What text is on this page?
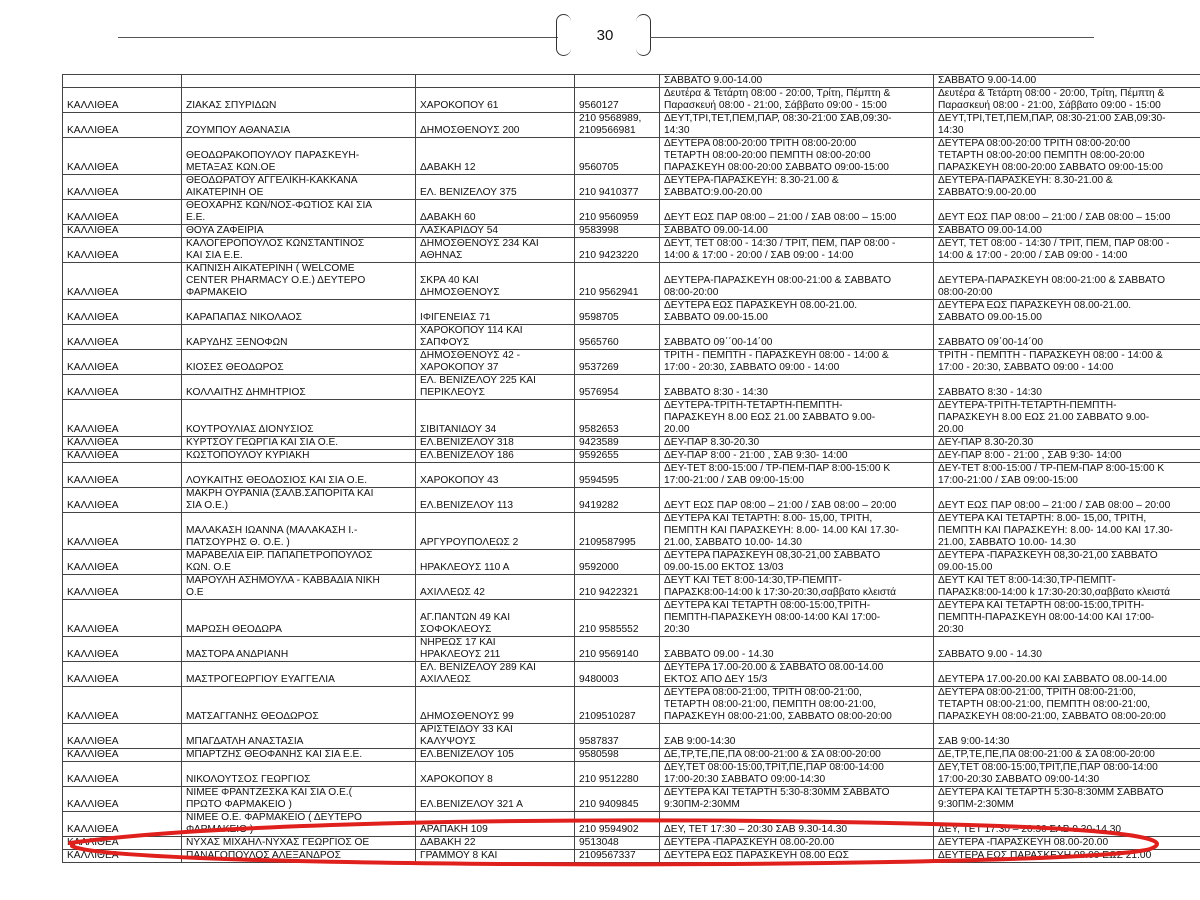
30
				ΣΑΒΒΑΤΟ 9.00-14.00	ΣΑΒΒΑΤΟ 9.00-14.00
ΚΑΛΛΙΘΕΑ	ΖΙΑΚΑΣ ΣΠΥΡΙΔΩΝ	ΧΑΡΟΚΟΠΟΥ 61	9560127	Δευτέρα & Τετάρτη 08:00 - 20:00, Τρίτη, Πέμπτη &
Παρασκευή 08:00 - 21:00, Σάββατο 09:00 - 15:00	Δευτέρα & Τετάρτη 08:00 - 20:00, Τρίτη, Πέμπτη &
Παρασκευή 08:00 - 21:00, Σάββατο 09:00 - 15:00
ΚΑΛΛΙΘΕΑ	ΖΟΥΜΠΟΥ ΑΘΑΝΑΣΙΑ	ΔΗΜΟΣΘΕΝΟΥΣ 200	210 9568989,
2109566981	ΔΕΥΤ,ΤΡΙ,ΤΕΤ,ΠΕΜ,ΠΑΡ, 08:30-21:00 ΣΑΒ,09:30-
14:30	ΔΕΥΤ,ΤΡΙ,ΤΕΤ,ΠΕΜ,ΠΑΡ, 08:30-21:00 ΣΑΒ,09:30-
14:30
ΚΑΛΛΙΘΕΑ	ΘΕΟΔΩΡΑΚΟΠΟΥΛΟΥ ΠΑΡΑΣΚΕΥΗ-
ΜΕΤΑΞΑΣ ΚΩΝ.ΟΕ	ΔΑΒΑΚΗ 12	9560705	ΔΕΥΤΕΡΑ 08:00-20:00 ΤΡΙΤΗ 08:00-20:00
ΤΕΤΑΡΤΗ 08:00-20:00 ΠΕΜΠΤΗ 08:00-20:00
ΠΑΡΑΣΚΕΥΗ 08:00-20:00 ΣΑΒΒΑΤΟ 09:00-15:00	ΔΕΥΤΕΡΑ 08:00-20:00 ΤΡΙΤΗ 08:00-20:00
ΤΕΤΑΡΤΗ 08:00-20:00 ΠΕΜΠΤΗ 08:00-20:00
ΠΑΡΑΣΚΕΥΗ 08:00-20:00 ΣΑΒΒΑΤΟ 09:00-15:00
ΚΑΛΛΙΘΕΑ	ΘΕΟΔΩΡΑΤΟΥ ΑΓΓΕΛΙΚΗ-ΚΑΚΚΑΝΑ
ΑΙΚΑΤΕΡΙΝΗ ΟΕ	ΕΛ. ΒΕΝΙΖΕΛΟΥ 375	210 9410377	ΔΕΥΤΕΡΑ-ΠΑΡΑΣΚΕΥΗ: 8.30-21.00 &
ΣΑΒΒΑΤΟ:9.00-20.00	ΔΕΥΤΕΡΑ-ΠΑΡΑΣΚΕΥΗ: 8.30-21.00 &
ΣΑΒΒΑΤΟ:9.00-20.00
ΚΑΛΛΙΘΕΑ	ΘΕΟΧΑΡΗΣ ΚΩΝ/ΝΟΣ-ΦΩΤΙΟΣ ΚΑΙ ΣΙΑ
Ε.Ε.	ΔΑΒΑΚΗ 60	210 9560959	ΔΕΥΤ ΕΩΣ ΠΑΡ 08:00 – 21:00 / ΣΑΒ 08:00 – 15:00	ΔΕΥΤ ΕΩΣ ΠΑΡ 08:00 – 21:00 / ΣΑΒ 08:00 – 15:00
ΚΑΛΛΙΘΕΑ	ΘΟΥΑ ΖΑΦΕΙΡΙΑ	ΛΑΣΚΑΡΙΔΟΥ 54	9583998	ΣΑΒΒΑΤΟ 09.00-14.00	ΣΑΒΒΑΤΟ 09.00-14.00
ΚΑΛΛΙΘΕΑ	ΚΑΛΟΓΕΡΟΠΟΥΛΟΣ ΚΩΝΣΤΑΝΤΙΝΟΣ
ΚΑΙ ΣΙΑ Ε.Ε.	ΔΗΜΟΣΘΕΝΟΥΣ 234 ΚΑΙ
ΑΘΗΝΑΣ	210 9423220	ΔΕΥΤ, ΤΕΤ 08:00 - 14:30 / ΤΡΙΤ, ΠΕΜ, ΠΑΡ 08:00 -
14:00 & 17:00 - 20:00 / ΣΑΒ 09:00 - 14:00	ΔΕΥΤ, ΤΕΤ 08:00 - 14:30 / ΤΡΙΤ, ΠΕΜ, ΠΑΡ 08:00 -
14:00 & 17:00 - 20:00 / ΣΑΒ 09:00 - 14:00
ΚΑΛΛΙΘΕΑ	ΚΑΠΝΙΣΗ ΑΙΚΑΤΕΡΙΝΗ ( WELCOME
CENTER PHARMACY O.E.) ΔΕΥΤΕΡΟ
ΦΑΡΜΑΚΕΙΟ	ΣΚΡΑ 40 ΚΑΙ
ΔΗΜΟΣΘΕΝΟΥΣ	210 9562941	ΔΕΥΤΕΡΑ-ΠΑΡΑΣΚΕΥΗ 08:00-21:00 & ΣΑΒΒΑΤΟ
08:00-20:00	ΔΕΥΤΕΡΑ-ΠΑΡΑΣΚΕΥΗ 08:00-21:00 & ΣΑΒΒΑΤΟ
08:00-20:00
ΚΑΛΛΙΘΕΑ	ΚΑΡΑΠΑΠΑΣ ΝΙΚΟΛΑΟΣ	ΙΦΙΓΕΝΕΙΑΣ 71	9598705	ΔΕΥΤΕΡΑ ΕΩΣ ΠΑΡΑΣΚΕΥΗ 08.00-21.00.
ΣΑΒΒΑΤΟ 09.00-15.00	ΔΕΥΤΕΡΑ ΕΩΣ ΠΑΡΑΣΚΕΥΗ 08.00-21.00.
ΣΑΒΒΑΤΟ 09.00-15.00
ΚΑΛΛΙΘΕΑ	ΚΑΡΥΔΗΣ ΞΕΝΟΦΩΝ	ΧΑΡΟΚΟΠΟΥ 114 ΚΑΙ
ΣΑΠΦΟΥΣ	9565760	ΣΑΒΒΑΤΟ 09΄΄00-14΄00	ΣΑΒΒΑΤΟ 09΄00-14΄00
ΚΑΛΛΙΘΕΑ	ΚΙΟΣΕΣ ΘΕΟΔΩΡΟΣ	ΔΗΜΟΣΘΕΝΟΥΣ 42 -
ΧΑΡΟΚΟΠΟΥ 37	9537269	ΤΡΙΤΗ - ΠΕΜΠΤΗ - ΠΑΡΑΣΚΕΥΗ 08:00 - 14:00 &
17:00 - 20:30, ΣΑΒΒΑΤΟ 09:00 - 14:00	ΤΡΙΤΗ - ΠΕΜΠΤΗ - ΠΑΡΑΣΚΕΥΗ 08:00 - 14:00 &
17:00 - 20:30, ΣΑΒΒΑΤΟ 09:00 - 14:00
ΚΑΛΛΙΘΕΑ	ΚΟΛΛΑΙΤΗΣ ΔΗΜΗΤΡΙΟΣ	ΕΛ. ΒΕΝΙΖΕΛΟΥ 225 ΚΑΙ
ΠΕΡΙΚΛΕΟΥΣ	9576954	ΣΑΒΒΑΤΟ 8:30 - 14:30	ΣΑΒΒΑΤΟ 8:30 - 14:30
ΚΑΛΛΙΘΕΑ	ΚΟΥΤΡΟΥΛΙΑΣ ΔΙΟΝΥΣΙΟΣ	ΣΙΒΙΤΑΝΙΔΟΥ 34	9582653	ΔΕΥΤΕΡΑ-ΤΡΙΤΗ-ΤΕΤΑΡΤΗ-ΠΕΜΠΤΗ-
ΠΑΡΑΣΚΕΥΗ 8.00 ΕΩΣ 21.00 ΣΑΒΒΑΤΟ 9.00-
20.00	ΔΕΥΤΕΡΑ-ΤΡΙΤΗ-ΤΕΤΑΡΤΗ-ΠΕΜΠΤΗ-
ΠΑΡΑΣΚΕΥΗ 8.00 ΕΩΣ 21.00 ΣΑΒΒΑΤΟ 9.00-
20.00
ΚΑΛΛΙΘΕΑ	ΚΥΡΤΣΟΥ ΓΕΩΡΓΙΑ ΚΑΙ ΣΙΑ Ο.Ε.	ΕΛ.ΒΕΝΙΖΕΛΟΥ 318	9423589	ΔΕΥ-ΠΑΡ 8.30-20.30	ΔΕΥ-ΠΑΡ 8.30-20.30
ΚΑΛΛΙΘΕΑ	ΚΩΣΤΟΠΟΥΛΟΥ ΚΥΡΙΑΚΗ	ΕΛ.ΒΕΝΙΖΕΛΟΥ 186	9592655	ΔΕΥ-ΠΑΡ 8:00 - 21:00 , ΣΑΒ 9:30- 14:00	ΔΕΥ-ΠΑΡ 8:00 - 21:00 , ΣΑΒ 9:30- 14:00
ΚΑΛΛΙΘΕΑ	ΛΟΥΚΑΙΤΗΣ ΘΕΟΔΟΣΙΟΣ ΚΑΙ ΣΙΑ Ο.Ε.	ΧΑΡΟΚΟΠΟΥ 43	9594595	ΔΕΥ-ΤΕΤ 8:00-15:00 / ΤΡ-ΠΕΜ-ΠΑΡ 8:00-15:00 Κ
17:00-21:00 / ΣΑΒ 09:00-15:00	ΔΕΥ-ΤΕΤ 8:00-15:00 / ΤΡ-ΠΕΜ-ΠΑΡ 8:00-15:00 Κ
17:00-21:00 / ΣΑΒ 09:00-15:00
ΚΑΛΛΙΘΕΑ	ΜΑΚΡΗ ΟΥΡΑΝΙΑ (ΣΑΛΒ.ΣΑΠΟΡΙΤΑ ΚΑΙ
ΣΙΑ Ο.Ε.)	ΕΛ.ΒΕΝΙΖΕΛΟΥ 113	9419282	ΔΕΥΤ ΕΩΣ ΠΑΡ 08:00 – 21:00 / ΣΑΒ 08:00 – 20:00	ΔΕΥΤ ΕΩΣ ΠΑΡ 08:00 – 21:00 / ΣΑΒ 08:00 – 20:00
ΚΑΛΛΙΘΕΑ	ΜΑΛΑΚΑΣΗ ΙΩΑΝΝΑ (ΜΑΛΑΚΑΣΗ Ι.-
ΠΑΤΣΟΥΡΗΣ Θ. Ο.Ε. )	ΑΡΓΥΡΟΥΠΟΛΕΩΣ 2	2109587995	ΔΕΥΤΕΡΑ ΚΑΙ ΤΕΤΑΡΤΗ: 8.00- 15,00, ΤΡΙΤΗ,
ΠΕΜΠΤΗ ΚΑΙ ΠΑΡΑΣΚΕΥΗ: 8.00- 14.00 ΚΑΙ 17.30-
21.00, ΣΑΒΒΑΤΟ 10.00- 14.30	ΔΕΥΤΕΡΑ ΚΑΙ ΤΕΤΑΡΤΗ: 8.00- 15,00, ΤΡΙΤΗ,
ΠΕΜΠΤΗ ΚΑΙ ΠΑΡΑΣΚΕΥΗ: 8.00- 14.00 ΚΑΙ 17.30-
21.00, ΣΑΒΒΑΤΟ 10.00- 14.30
ΚΑΛΛΙΘΕΑ	ΜΑΡΑΒΕΛΙΑ ΕΙΡ. ΠΑΠΑΠΕΤΡΟΠΟΥΛΟΣ
ΚΩΝ. Ο.Ε	ΗΡΑΚΛΕΟΥΣ 110 Α	9592000	ΔΕΥΤΕΡΑ ΠΑΡΑΣΚΕΥΗ 08,30-21,00 ΣΑΒΒΑΤΟ
09.00-15.00 ΕΚΤΟΣ 13/03	ΔΕΥΤΕΡΑ -ΠΑΡΑΣΚΕΥΗ 08,30-21,00 ΣΑΒΒΑΤΟ
09.00-15.00
ΚΑΛΛΙΘΕΑ	ΜΑΡΟΥΛΗ ΑΣΗΜΟΥΛΑ - ΚΑΒΒΑΔΙΑ ΝΙΚΗ
Ο.Ε	ΑΧΙΛΛΕΩΣ 42	210 9422321	ΔΕΥΤ ΚΑΙ ΤΕΤ 8:00-14:30,ΤΡ-ΠΕΜΠΤ-
ΠΑΡΑΣΚ8:00-14:00 k 17:30-20:30,σαββατο κλειστά	ΔΕΥΤ ΚΑΙ ΤΕΤ 8:00-14:30,ΤΡ-ΠΕΜΠΤ-
ΠΑΡΑΣΚ8:00-14:00 k 17:30-20:30,σαββατο κλειστά
ΚΑΛΛΙΘΕΑ	ΜΑΡΩΣΗ ΘΕΟΔΩΡΑ	ΑΓ.ΠΑΝΤΩΝ 49 ΚΑΙ
ΣΟΦΟΚΛΕΟΥΣ	210 9585552	ΔΕΥΤΕΡΑ ΚΑΙ ΤΕΤΑΡΤΗ 08:00-15:00,ΤΡΙΤΗ-
ΠΕΜΠΤΗ-ΠΑΡΑΣΚΕΥΗ 08:00-14:00 ΚΑΙ 17:00-
20:30	ΔΕΥΤΕΡΑ ΚΑΙ ΤΕΤΑΡΤΗ 08:00-15:00,ΤΡΙΤΗ-
ΠΕΜΠΤΗ-ΠΑΡΑΣΚΕΥΗ 08:00-14:00 ΚΑΙ 17:00-
20:30
ΚΑΛΛΙΘΕΑ	ΜΑΣΤΟΡΑ ΑΝΔΡΙΑΝΗ	ΝΗΡΕΩΣ 17 ΚΑΙ
ΗΡΑΚΛΕΟΥΣ 211	210 9569140	ΣΑΒΒΑΤΟ 09.00 - 14.30	ΣΑΒΒΑΤΟ 9.00 - 14.30
ΚΑΛΛΙΘΕΑ	ΜΑΣΤΡΟΓΕΩΡΓΙΟΥ ΕΥΑΓΓΕΛΙΑ	ΕΛ. ΒΕΝΙΖΕΛΟΥ 289 ΚΑΙ
ΑΧΙΛΛΕΩΣ	9480003	ΔΕΥΤΕΡΑ 17.00-20.00 & ΣΑΒΒΑΤΟ 08.00-14.00
ΕΚΤΟΣ ΑΠΟ ΔΕΥ 15/3	ΔΕΥΤΕΡΑ 17.00-20.00 ΚΑΙ ΣΑΒΒΑΤΟ 08.00-14.00
ΚΑΛΛΙΘΕΑ	ΜΑΤΣΑΓΓΑΝΗΣ ΘΕΟΔΩΡΟΣ	ΔΗΜΟΣΘΕΝΟΥΣ 99	2109510287	ΔΕΥΤΕΡΑ 08:00-21:00, ΤΡΙΤΗ 08:00-21:00,
ΤΕΤΑΡΤΗ 08:00-21:00, ΠΕΜΠΤΗ 08:00-21:00,
ΠΑΡΑΣΚΕΥΗ 08:00-21:00, ΣΑΒΒΑΤΟ 08:00-20:00	ΔΕΥΤΕΡΑ 08:00-21:00, ΤΡΙΤΗ 08:00-21:00,
ΤΕΤΑΡΤΗ 08:00-21:00, ΠΕΜΠΤΗ 08:00-21:00,
ΠΑΡΑΣΚΕΥΗ 08:00-21:00, ΣΑΒΒΑΤΟ 08:00-20:00
ΚΑΛΛΙΘΕΑ	ΜΠΑΓΔΑΤΛΗ ΑΝΑΣΤΑΣΙΑ	ΑΡΙΣΤΕΙΔΟΥ 33 ΚΑΙ
ΚΑΛΥΨΟΥΣ	9587837	ΣΑΒ 9:00-14:30	ΣΑΒ 9:00-14:30
ΚΑΛΛΙΘΕΑ	ΜΠΑΡΤΖΗΣ ΘΕΟΦΑΝΗΣ ΚΑΙ ΣΙΑ Ε.Ε.	ΕΛ.ΒΕΝΙΖΕΛΟΥ 105	9580598	ΔΕ,ΤΡ,ΤΕ,ΠΕ,ΠΑ 08:00-21:00 & ΣΑ 08:00-20:00	ΔΕ,ΤΡ,ΤΕ,ΠΕ,ΠΑ 08:00-21:00 & ΣΑ 08:00-20:00
ΚΑΛΛΙΘΕΑ	ΝΙΚΟΛΟΥΤΣΟΣ ΓΕΩΡΓΙΟΣ	ΧΑΡΟΚΟΠΟΥ 8	210 9512280	ΔΕΥ,ΤΕΤ 08:00-15:00,ΤΡΙΤ,ΠΕ,ΠΑΡ 08:00-14:00
17:00-20:30 ΣΑΒΒΑΤΟ 09:00-14:30	ΔΕΥ,ΤΕΤ 08:00-15:00,ΤΡΙΤ,ΠΕ,ΠΑΡ 08:00-14:00
17:00-20:30 ΣΑΒΒΑΤΟ 09:00-14:30
ΚΑΛΛΙΘΕΑ	ΝΙΜΕΕ ΦΡΑΝΤΖΕΣΚΑ ΚΑΙ ΣΙΑ Ο.Ε.(
ΠΡΩΤΟ ΦΑΡΜΑΚΕΙΟ )	ΕΛ.ΒΕΝΙΖΕΛΟΥ 321 Α	210 9409845	ΔΕΥΤΕΡΑ ΚΑΙ ΤΕΤΑΡΤΗ 5:30-8:30ΜΜ ΣΑΒΒΑΤΟ
9:30ΠΜ-2:30ΜΜ	ΔΕΥΤΕΡΑ ΚΑΙ ΤΕΤΑΡΤΗ 5:30-8:30ΜΜ ΣΑΒΒΑΤΟ
9:30ΠΜ-2:30ΜΜ
ΚΑΛΛΙΘΕΑ	ΝΙΜΕΕ Ο.Ε. ΦΑΡΜΑΚΕΙΟ ( ΔΕΥΤΕΡΟ
ΦΑΡΜΑΚΕΙΟ )	ΑΡΑΠΑΚΗ 109	210 9594902	ΔΕΥ, ΤΕΤ 17:30 – 20:30 ΣΑΒ 9.30-14.30	ΔΕΥ, ΤΕΤ 17:30 – 20:30 ΣΑΒ 9.30-14.30
ΚΑΛΛΙΘΕΑ	ΝΥΧΑΣ ΜΙΧΑΗΛ-ΝΥΧΑΣ ΓΕΩΡΓΙΟΣ ΟΕ	ΔΑΒΑΚΗ 22	9513048	ΔΕΥΤΕΡΑ -ΠΑΡΑΣΚΕΥΗ 08.00-20.00	ΔΕΥΤΕΡΑ -ΠΑΡΑΣΚΕΥΗ 08.00-20.00
ΚΑΛΛΙΘΕΑ	ΠΑΝΑΓΟΠΟΥΛΟΣ ΑΛΕΞΑΝΔΡΟΣ	ΓΡΑΜΜΟΥ 8 ΚΑΙ	2109567337	ΔΕΥΤΕΡΑ ΕΩΣ ΠΑΡΑΣΚΕΥΗ 08.00 ΕΩΣ	ΔΕΥΤΕΡΑ ΕΩΣ ΠΑΡΑΣΚΕΥΗ 08.00 ΕΩΣ 21.00
